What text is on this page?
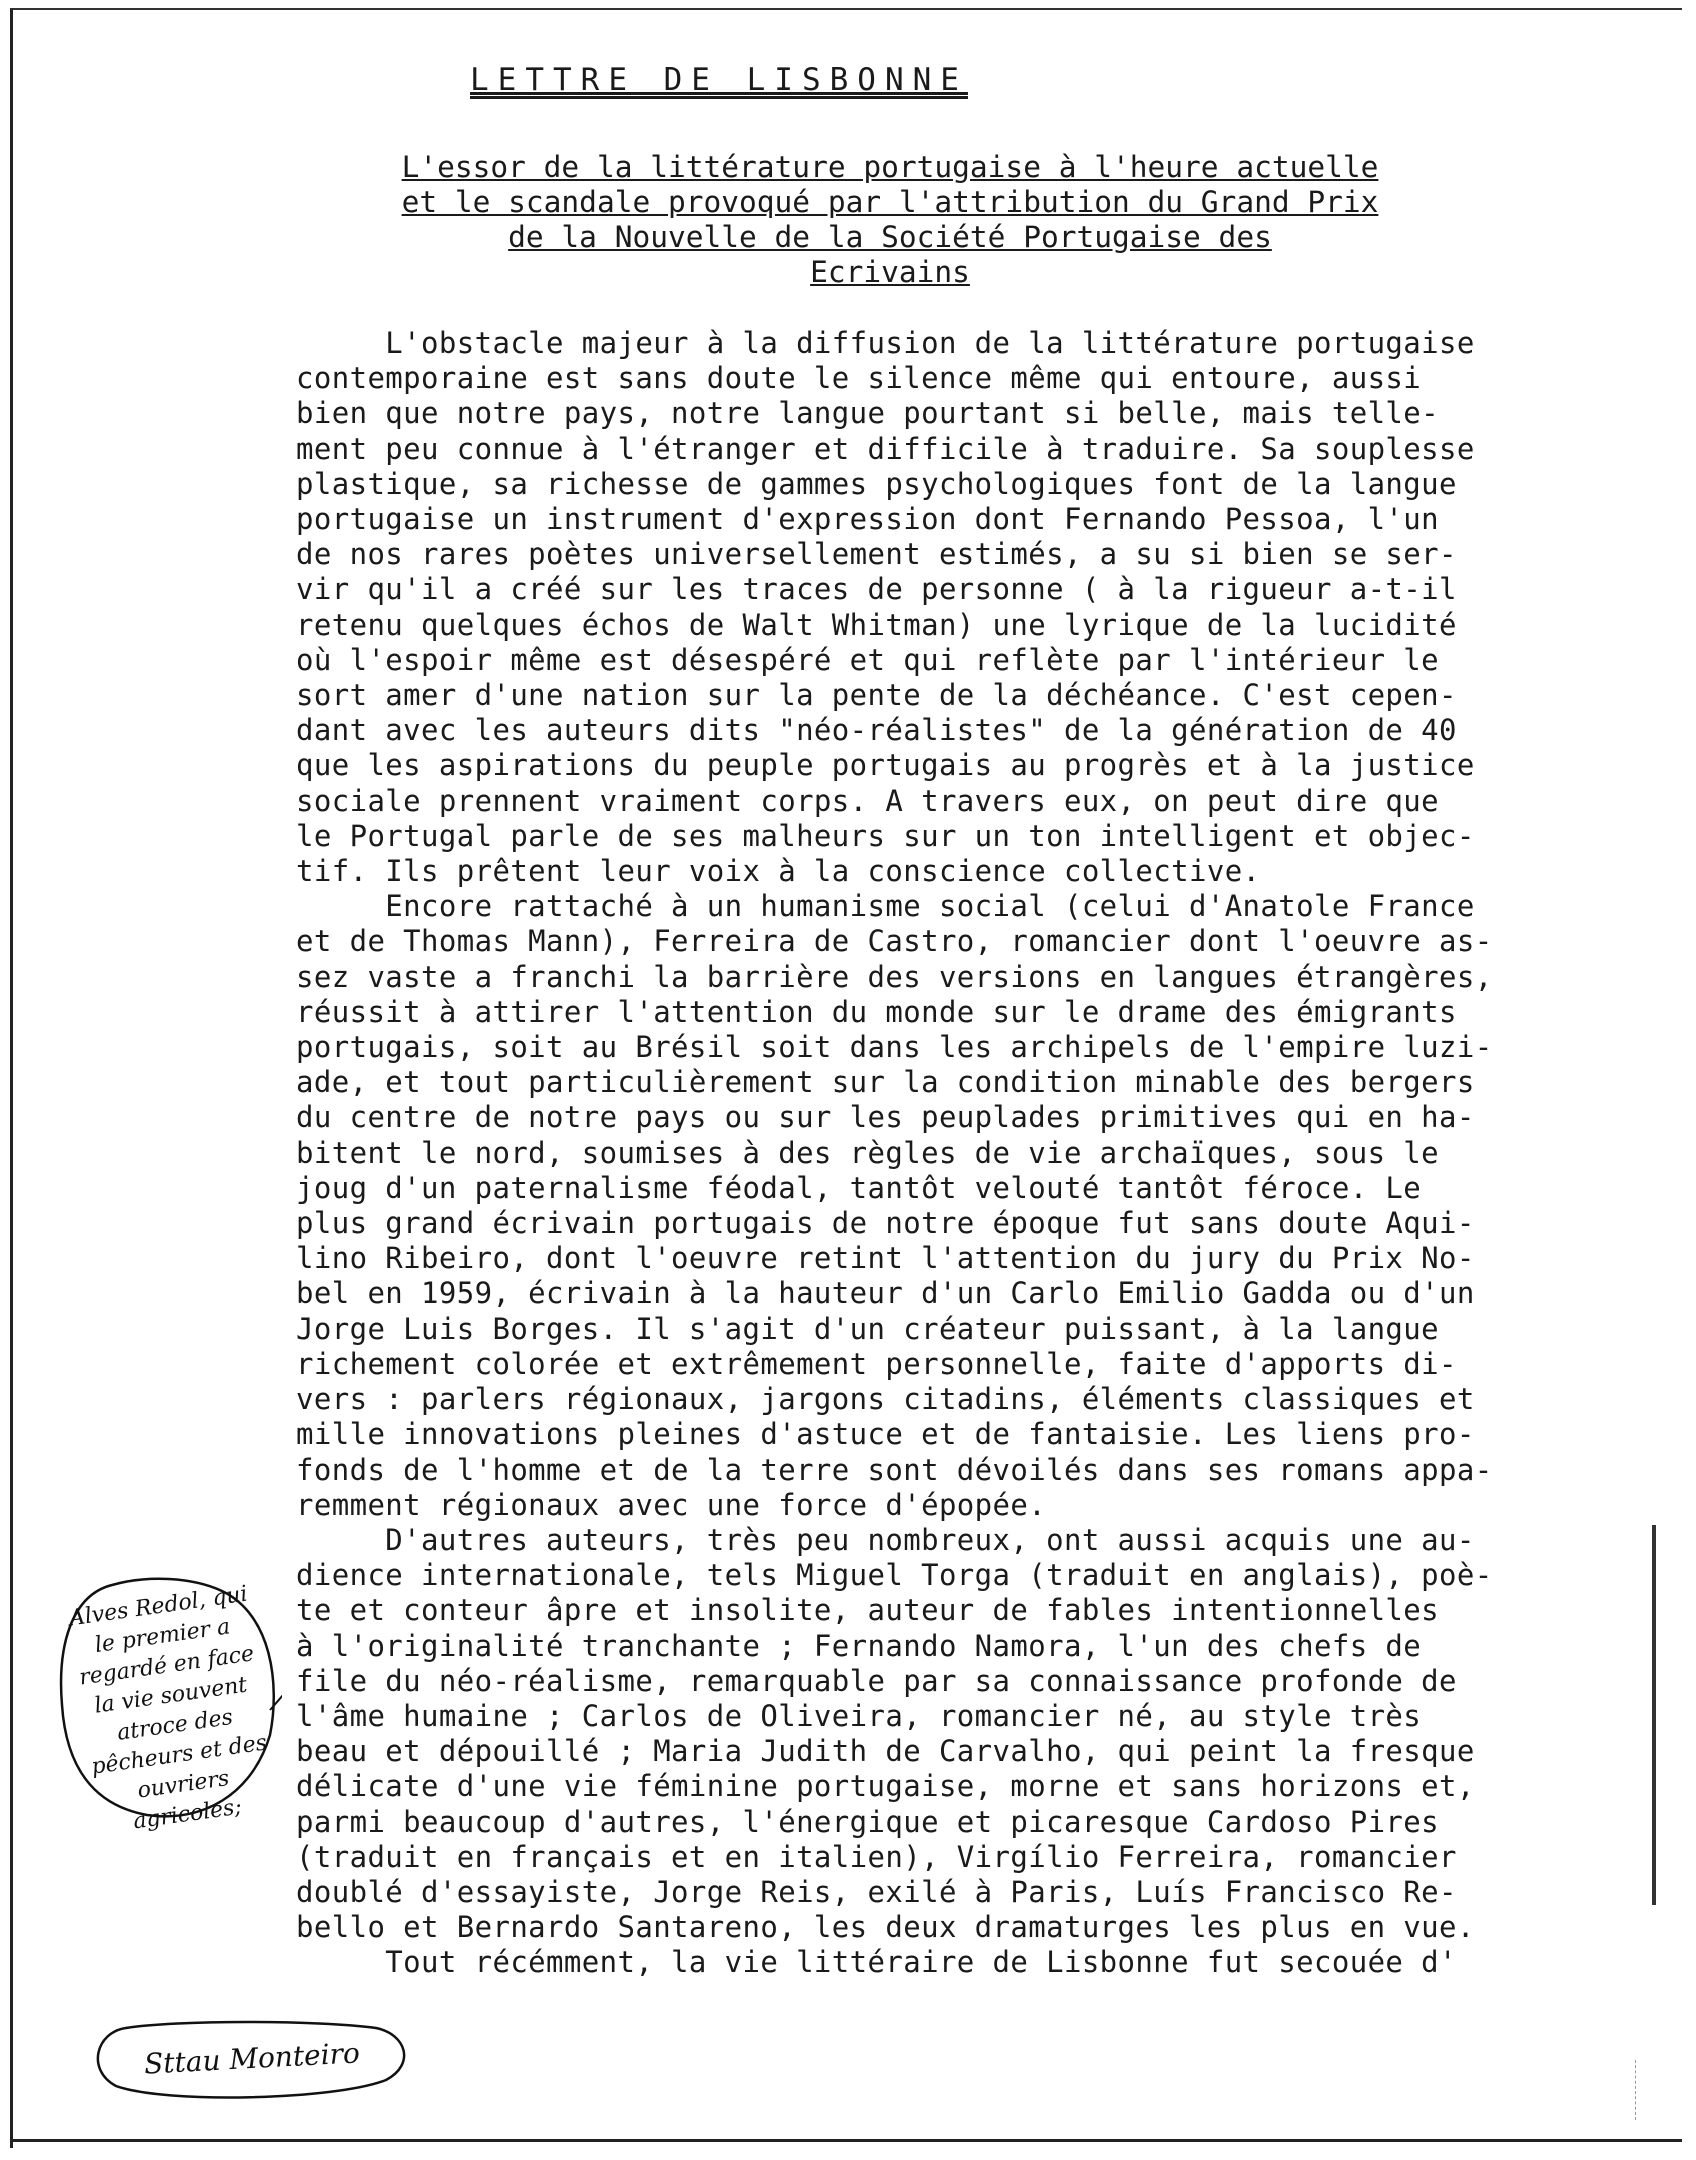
LETTRE DE LISBONNE
L'essor de la littérature portugaise à l'heure actuelle
et le scandale provoqué par l'attribution du Grand Prix
de la Nouvelle de la Société Portugaise des
Ecrivains
L'obstacle majeur à la diffusion de la littérature portugaise
contemporaine est sans doute le silence même qui entoure, aussi
bien que notre pays, notre langue pourtant si belle, mais telle-
ment peu connue à l'étranger et difficile à traduire. Sa souplesse
plastique, sa richesse de gammes psychologiques font de la langue
portugaise un instrument d'expression dont Fernando Pessoa, l'un
de nos rares poètes universellement estimés, a su si bien se ser-
vir qu'il a créé sur les traces de personne ( à la rigueur a-t-il
retenu quelques échos de Walt Whitman) une lyrique de la lucidité
où l'espoir même est désespéré et qui reflète par l'intérieur le
sort amer d'une nation sur la pente de la déchéance. C'est cepen-
dant avec les auteurs dits "néo-réalistes" de la génération de 40
que les aspirations du peuple portugais au progrès et à la justice
sociale prennent vraiment corps. A travers eux, on peut dire que
le Portugal parle de ses malheurs sur un ton intelligent et objec-
tif. Ils prêtent leur voix à la conscience collective.
Encore rattaché à un humanisme social (celui d'Anatole France
et de Thomas Mann), Ferreira de Castro, romancier dont l'oeuvre as-
sez vaste a franchi la barrière des versions en langues étrangères,
réussit à attirer l'attention du monde sur le drame des émigrants
portugais, soit au Brésil soit dans les archipels de l'empire luzi-
ade, et tout particulièrement sur la condition minable des bergers
du centre de notre pays ou sur les peuplades primitives qui en ha-
bitent le nord, soumises à des règles de vie archaïques, sous le
joug d'un paternalisme féodal, tantôt velouté tantôt féroce. Le
plus grand écrivain portugais de notre époque fut sans doute Aqui-
lino Ribeiro, dont l'oeuvre retint l'attention du jury du Prix No-
bel en 1959, écrivain à la hauteur d'un Carlo Emilio Gadda ou d'un
Jorge Luis Borges. Il s'agit d'un créateur puissant, à la langue
richement colorée et extrêmement personnelle, faite d'apports di-
vers : parlers régionaux, jargons citadins, éléments classiques et
mille innovations pleines d'astuce et de fantaisie. Les liens pro-
fonds de l'homme et de la terre sont dévoilés dans ses romans appa-
remment régionaux avec une force d'épopée.
D'autres auteurs, très peu nombreux, ont aussi acquis une au-
dience internationale, tels Miguel Torga (traduit en anglais), poè-
te et conteur âpre et insolite, auteur de fables intentionnelles
à l'originalité tranchante ; Fernando Namora, l'un des chefs de
file du néo-réalisme, remarquable par sa connaissance profonde de
l'âme humaine ; Carlos de Oliveira, romancier né, au style très
beau et dépouillé ; Maria Judith de Carvalho, qui peint la fresque
délicate d'une vie féminine portugaise, morne et sans horizons et,
parmi beaucoup d'autres, l'énergique et picaresque Cardoso Pires
(traduit en français et en italien), Virgílio Ferreira, romancier
doublé d'essayiste, Jorge Reis, exilé à Paris, Luís Francisco Re-
bello et Bernardo Santareno, les deux dramaturges les plus en vue.
Tout récémment, la vie littéraire de Lisbonne fut secouée d'
Alves Redol, qui le premier a regardé en face la vie souvent atroce des pêcheurs et des ouvriers agricoles;
Sttau Monteiro
